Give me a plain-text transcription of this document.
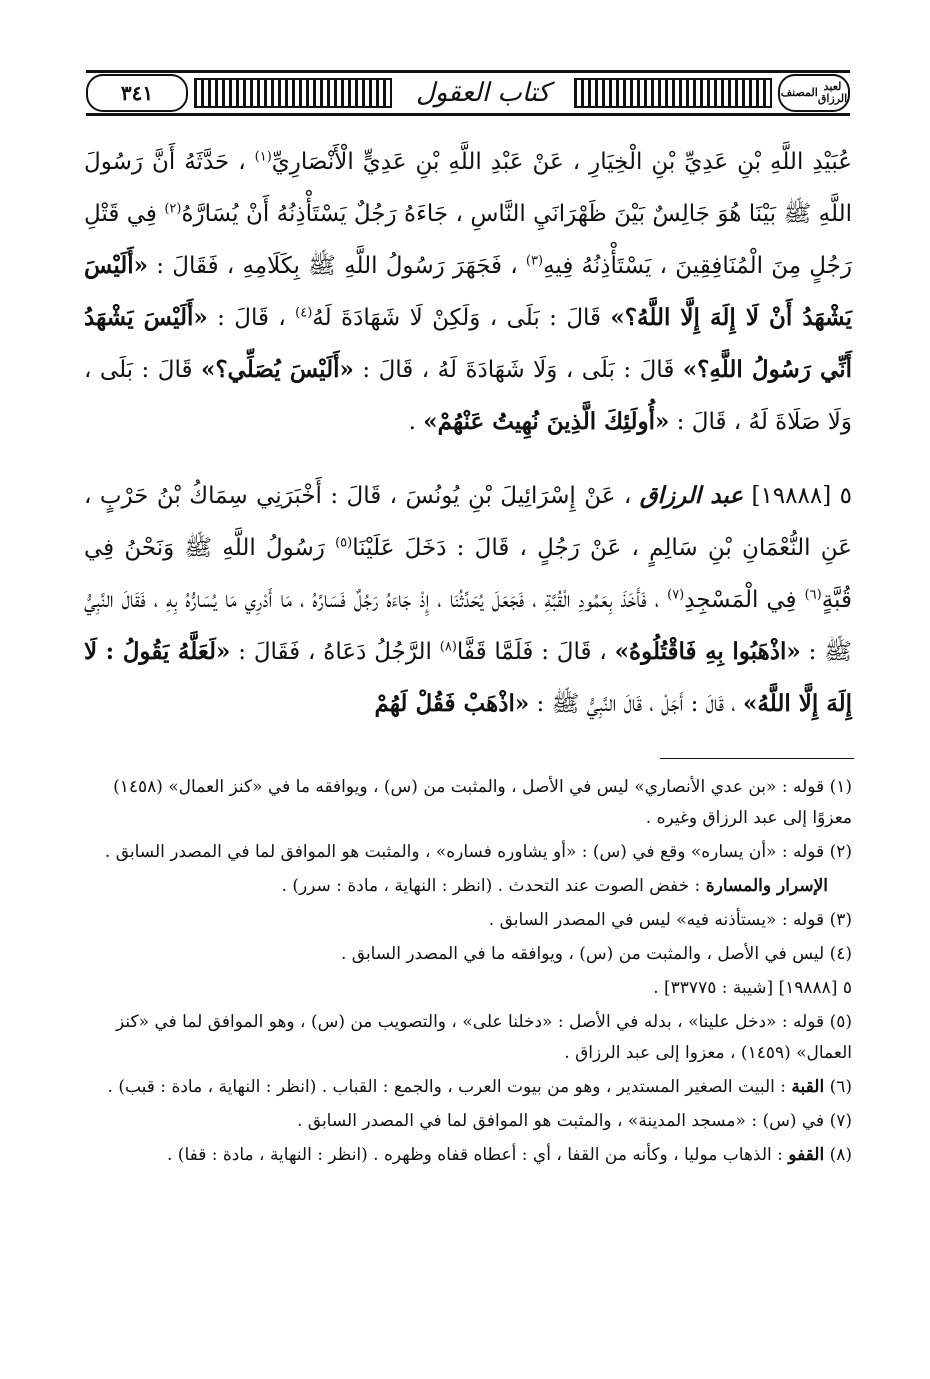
٣٤١	كتاب العقول	المصنف لعبد الرزاق

عُبَيْدِ اللَّهِ بْنِ عَدِيِّ بْنِ الْخِيَارِ ، عَنْ عَبْدِ اللَّهِ بْنِ عَدِيٍّ الْأَنْصَارِيِّ$^{(١)}$ ، حَدَّثَهُ أَنَّ رَسُولَ اللَّهِ ﷺ بَيْنَا هُوَ جَالِسٌ بَيْنَ ظَهْرَانَيِ النَّاسِ ، جَاءَهُ رَجُلٌ يَسْتَأْذِنُهُ أَنْ يُسَارَّهُ$^{(٢)}$ فِي قَتْلِ رَجُلٍ مِنَ الْمُنَافِقِينَ ، يَسْتَأْذِنُهُ فِيهِ$^{(٣)}$ ، فَجَهَرَ رَسُولُ اللَّهِ ﷺ بِكَلَامِهِ ، فَقَالَ : «أَلَيْسَ يَشْهَدُ أَنْ لَا إِلَهَ إِلَّا اللَّهُ؟» قَالَ : بَلَى ، وَلَكِنْ لَا شَهَادَةَ لَهُ$^{(٤)}$ ، قَالَ : «أَلَيْسَ يَشْهَدُ أَنِّي رَسُولُ اللَّهِ؟» قَالَ : بَلَى ، وَلَا شَهَادَةَ لَهُ ، قَالَ : «أَلَيْسَ يُصَلِّي؟» قَالَ : بَلَى ، وَلَا صَلَاةَ لَهُ ، قَالَ : «أُولَئِكَ الَّذِينَ نُهِيتُ عَنْهُمْ» .

٥ [١٩٨٨٨] عبد الرزاق ، عَنْ إِسْرَائِيلَ بْنِ يُونُسَ ، قَالَ : أَخْبَرَنِي سِمَاكُ بْنُ حَرْبٍ ، عَنِ النُّعْمَانِ بْنِ سَالِمٍ ، عَنْ رَجُلٍ ، قَالَ : دَخَلَ عَلَيْنَا$^{(٥)}$ رَسُولُ اللَّهِ ﷺ وَنَحْنُ فِي قُبَّةٍ$^{(٦)}$ فِي الْمَسْجِدِ$^{(٧)}$ ، فَأَخَذَ بِعَمُودِ الْقُبَّةِ ، فَجَعَلَ يُحَدِّثُنَا ، إِذْ جَاءَهُ رَجُلٌ فَسَارَّهُ ، مَا أَدْرِي مَا يُسَارُّهُ بِهِ ، فَقَالَ النَّبِيُّ ﷺ : «اذْهَبُوا بِهِ فَاقْتُلُوهُ» ، قَالَ : فَلَمَّا قَفَّا$^{(٨)}$ الرَّجُلُ دَعَاهُ ، فَقَالَ : «لَعَلَّهُ يَقُولُ : لَا إِلَهَ إِلَّا اللَّهُ» ، قَالَ : أَجَلْ ، قَالَ النَّبِيُّ ﷺ : «اذْهَبْ فَقُلْ لَهُمْ

(١) قوله : «بن عدي الأنصاري» ليس في الأصل ، والمثبت من (س) ، ويوافقه ما في «كنز العمال» (١٤٥٨) معزوًا إلى عبد الرزاق وغيره .

(٢) قوله : «أن يساره» وقع في (س) : «أو يشاوره فساره» ، والمثبت هو الموافق لما في المصدر السابق .

الإسرار والمسارة : خفض الصوت عند التحدث . (انظر : النهاية ، مادة : سرر) .

(٣) قوله : «يستأذنه فيه» ليس في المصدر السابق .

(٤) ليس في الأصل ، والمثبت من (س) ، ويوافقه ما في المصدر السابق .

٥ [١٩٨٨٨] [شيبة : ٣٣٧٧٥] .

(٥) قوله : «دخل علينا» ، بدله في الأصل : «دخلنا على» ، والتصويب من (س) ، وهو الموافق لما في «كنز العمال» (١٤٥٩) ، معزوا إلى عبد الرزاق .

(٦) القبة : البيت الصغير المستدير ، وهو من بيوت العرب ، والجمع : القباب . (انظر : النهاية ، مادة : قبب) .

(٧) في (س) : «مسجد المدينة» ، والمثبت هو الموافق لما في المصدر السابق .

(٨) القفو : الذهاب موليا ، وكأنه من القفا ، أي : أعطاه قفاه وظهره . (انظر : النهاية ، مادة : قفا) .
